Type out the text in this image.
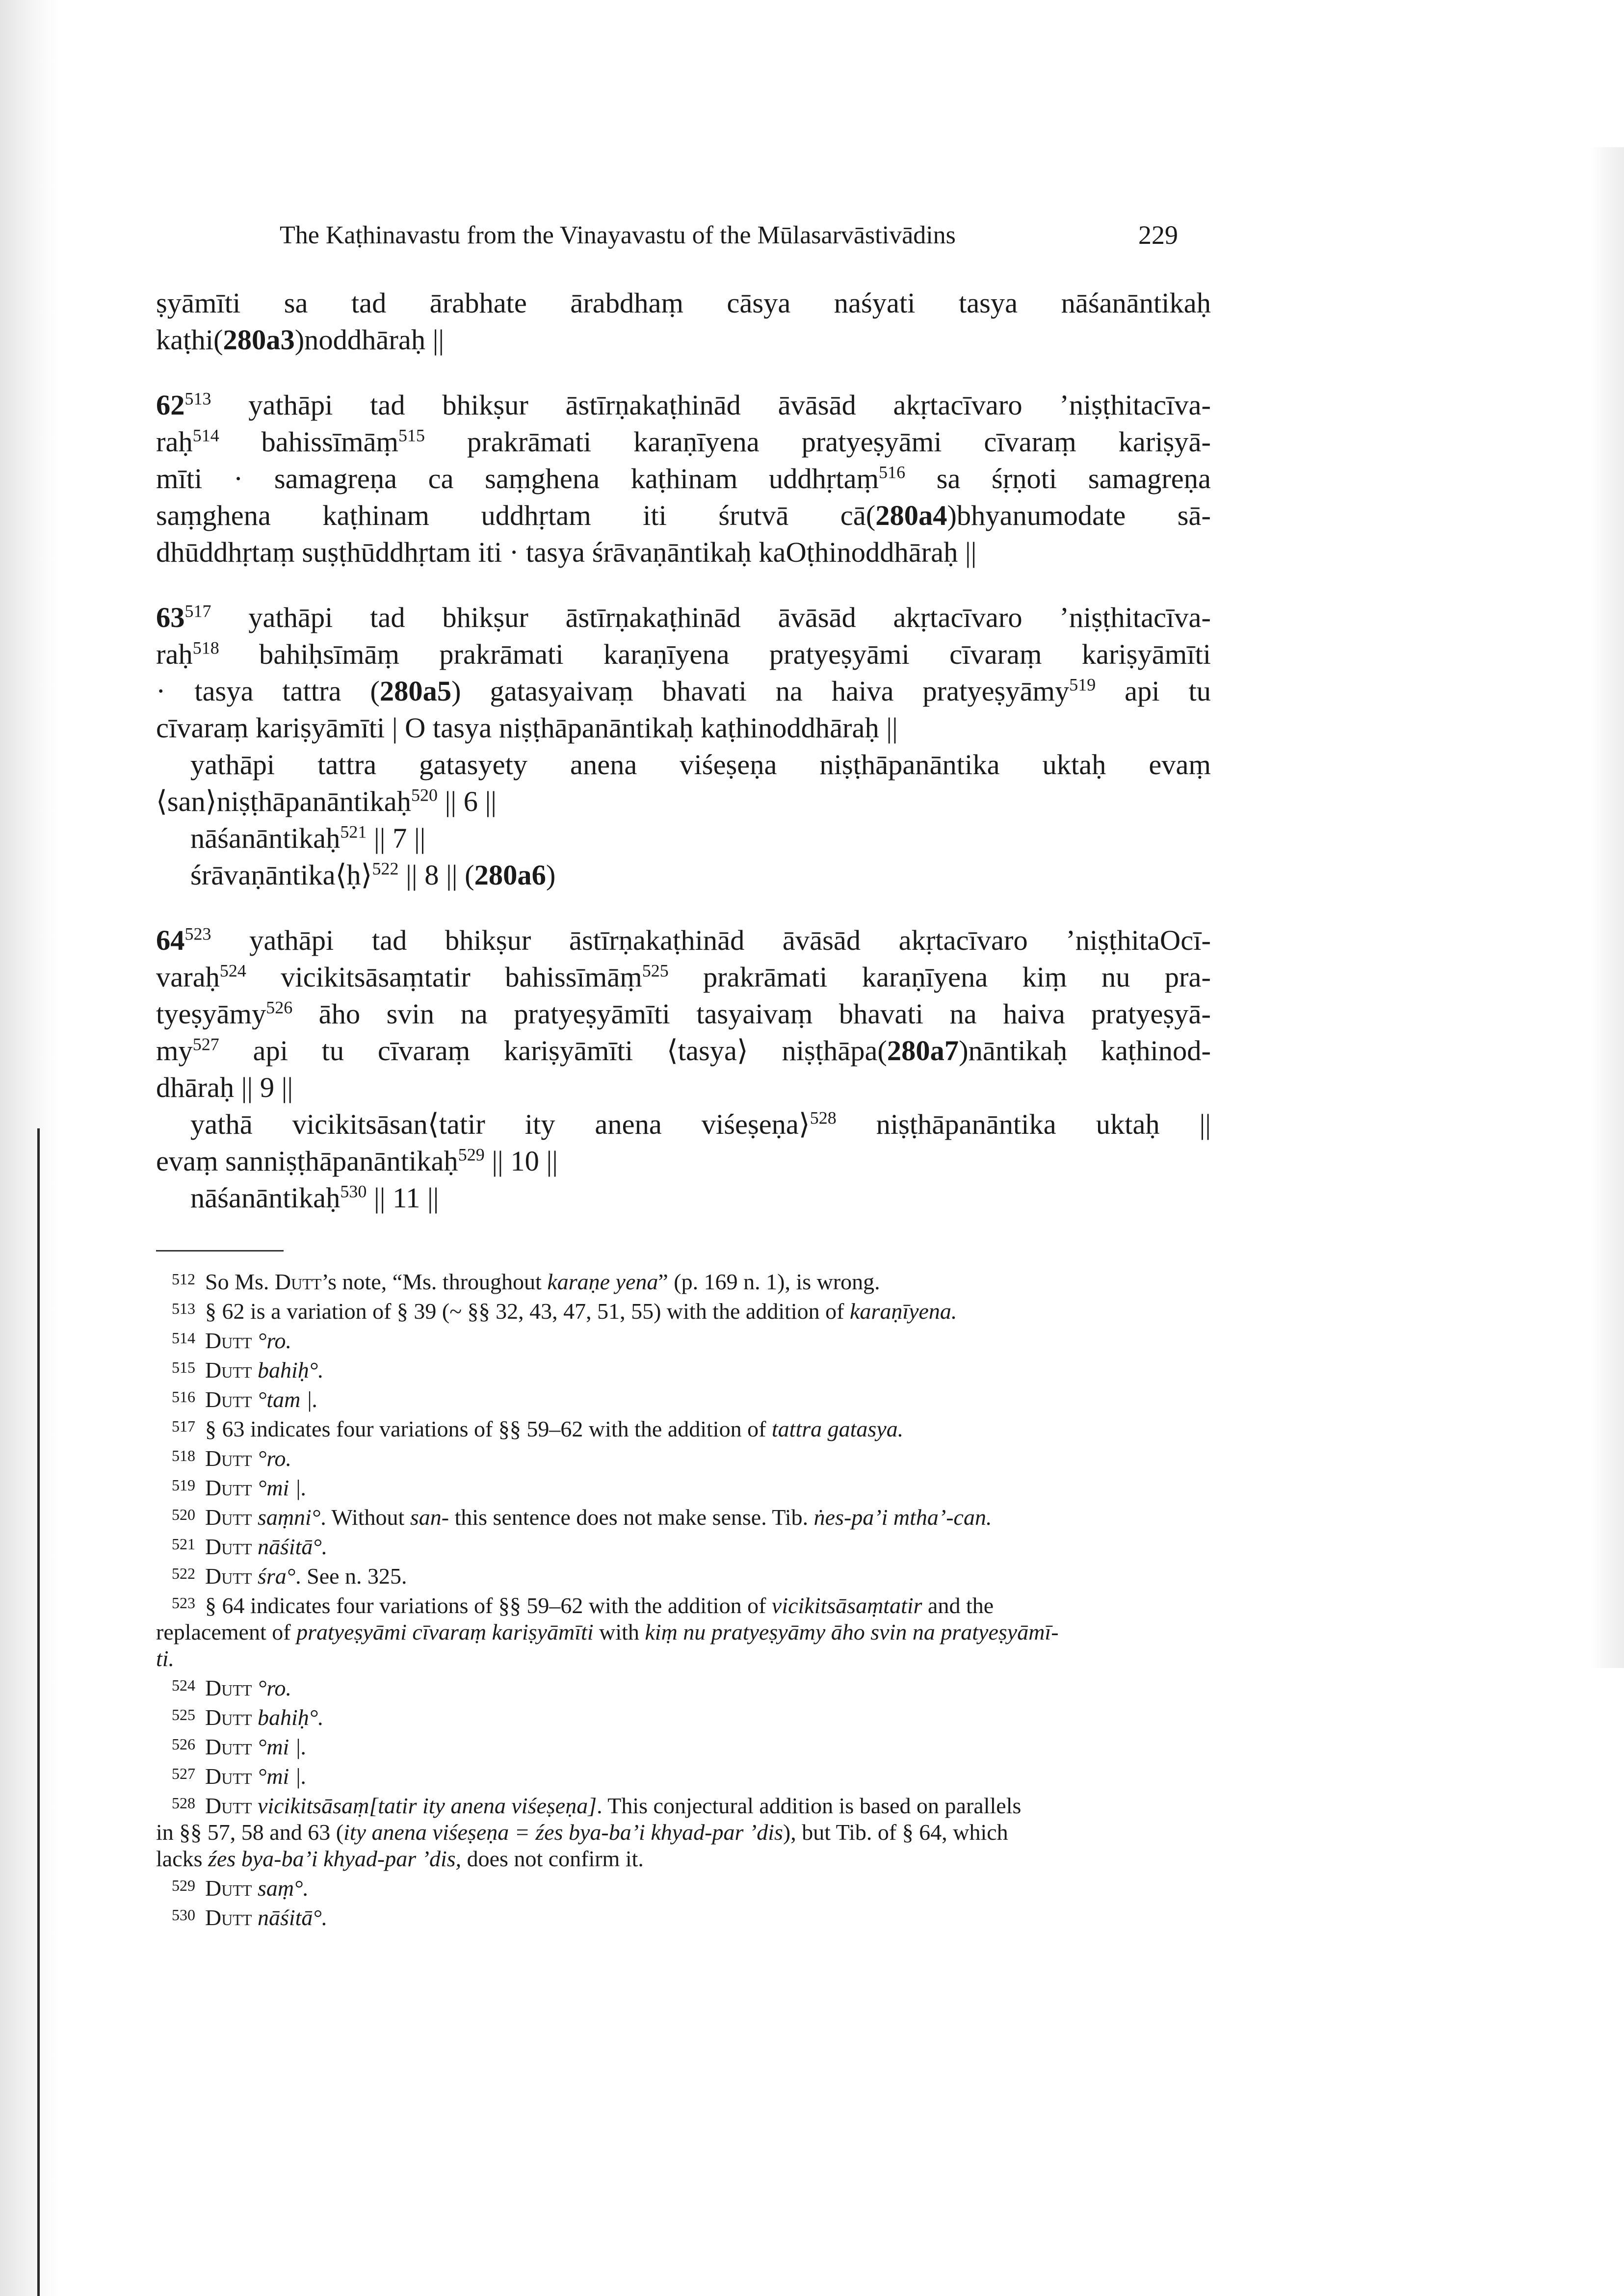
The Kaṭhinavastu from the Vinayavastu of the Mūlasarvāstivādins	229
ṣyāmīti sa tad ārabhate ārabdhaṃ cāsya naśyati tasya nāśanāntikaḥ
kaṭhi(280a3)noddhāraḥ ||
$62^{513}$ yathāpi tad bhikṣur āstīrṇakaṭhinād āvāsād akṛtacīvaro ’niṣṭhitacīva-
raḥ$^{514}$ bahissīmāṃ$^{515}$ prakrāmati karaṇīyena pratyeṣyāmi cīvaraṃ kariṣyā-
mīti · samagreṇa ca saṃghena kaṭhinam uddhṛtaṃ$^{516}$ sa śṛṇoti samagreṇa
saṃghena kaṭhinam uddhṛtam iti śrutvā cā(280a4)bhyanumodate sā-
dhūddhṛtaṃ suṣṭhūddhṛtam iti · tasya śrāvaṇāntikaḥ kaOṭhinoddhāraḥ ||
$63^{517}$ yathāpi tad bhikṣur āstīrṇakaṭhinād āvāsād akṛtacīvaro ’niṣṭhitacīva-
raḥ$^{518}$ bahiḥsīmāṃ prakrāmati karaṇīyena pratyeṣyāmi cīvaraṃ kariṣyāmīti
· tasya tattra (280a5) gatasyaivaṃ bhavati na haiva pratyeṣyāmy$^{519}$ api tu
cīvaraṃ kariṣyāmīti | O tasya niṣṭhāpanāntikaḥ kaṭhinoddhāraḥ ||
yathāpi tattra gatasyety anena viśeṣeṇa niṣṭhāpanāntika uktaḥ evaṃ
⟨san⟩niṣṭhāpanāntikaḥ$^{520}$ || 6 ||
nāśanāntikaḥ$^{521}$ || 7 ||
śrāvaṇāntika⟨ḥ⟩$^{522}$ || 8 || (280a6)
$64^{523}$ yathāpi tad bhikṣur āstīrṇakaṭhinād āvāsād akṛtacīvaro ’niṣṭhitaOcī-
varaḥ$^{524}$ vicikitsāsaṃtatir bahissīmāṃ$^{525}$ prakrāmati karaṇīyena kiṃ nu pra-
tyeṣyāmy$^{526}$ āho svin na pratyeṣyāmīti tasyaivaṃ bhavati na haiva pratyeṣyā-
$my^{527}$ api tu cīvaraṃ kariṣyāmīti ⟨tasya⟩ niṣṭhāpa(280a7)nāntikaḥ kaṭhinod-
dhāraḥ || 9 ||
yathā vicikitsāsan⟨tatir ity anena viśeṣeṇa⟩$^{528}$ niṣṭhāpanāntika uktaḥ ||
evaṃ sanniṣṭhāpanāntikaḥ$^{529}$ || 10 ||
nāśanāntikaḥ$^{530}$ || 11 ||
512 So Ms. Dutt’s note, “Ms. throughout karaṇe yena” (p. 169 n. 1), is wrong.
513 § 62 is a variation of § 39 (~ §§ 32, 43, 47, 51, 55) with the addition of karaṇīyena.
514 Dutt °ro.
515 Dutt bahiḥ°.
516 Dutt °tam |.
517 § 63 indicates four variations of §§ 59–62 with the addition of tattra gatasya.
518 Dutt °ro.
519 Dutt °mi |.
520 Dutt saṃni°. Without san- this sentence does not make sense. Tib. ṅes-pa’i mtha’-can.
521 Dutt nāśitā°.
522 Dutt śra°. See n. 325.
523 § 64 indicates four variations of §§ 59–62 with the addition of vicikitsāsaṃtatir and the
replacement of pratyeṣyāmi cīvaraṃ kariṣyāmīti with kiṃ nu pratyeṣyāmy āho svin na pratyeṣyāmī-
ti.
524 Dutt °ro.
525 Dutt bahiḥ°.
526 Dutt °mi |.
527 Dutt °mi |.
528 Dutt vicikitsāsaṃ[tatir ity anena viśeṣeṇa]. This conjectural addition is based on parallels
in §§ 57, 58 and 63 (ity anena viśeṣeṇa = źes bya-ba’i khyad-par ’dis), but Tib. of § 64, which
lacks źes bya-ba’i khyad-par ’dis, does not confirm it.
529 Dutt saṃ°.
530 Dutt nāśitā°.
